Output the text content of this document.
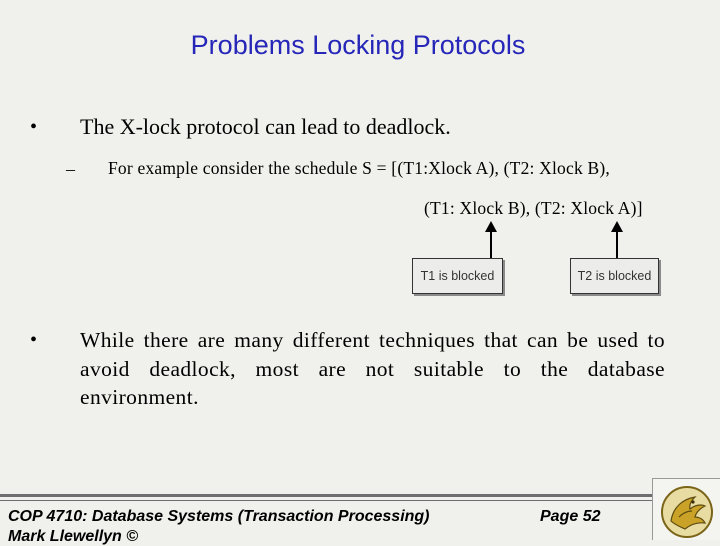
Problems Locking Protocols
• The X-lock protocol can lead to deadlock.
– For example consider the schedule S = [(T1:Xlock A), (T2: Xlock B),
(T1: Xlock B), (T2: Xlock A)]
T1 is blocked	T2 is blocked
• While there are many different techniques that can be used to avoid deadlock, most are not suitable to the database environment.
COP 4710: Database Systems (Transaction Processing)	Page 52
Mark Llewellyn ©
